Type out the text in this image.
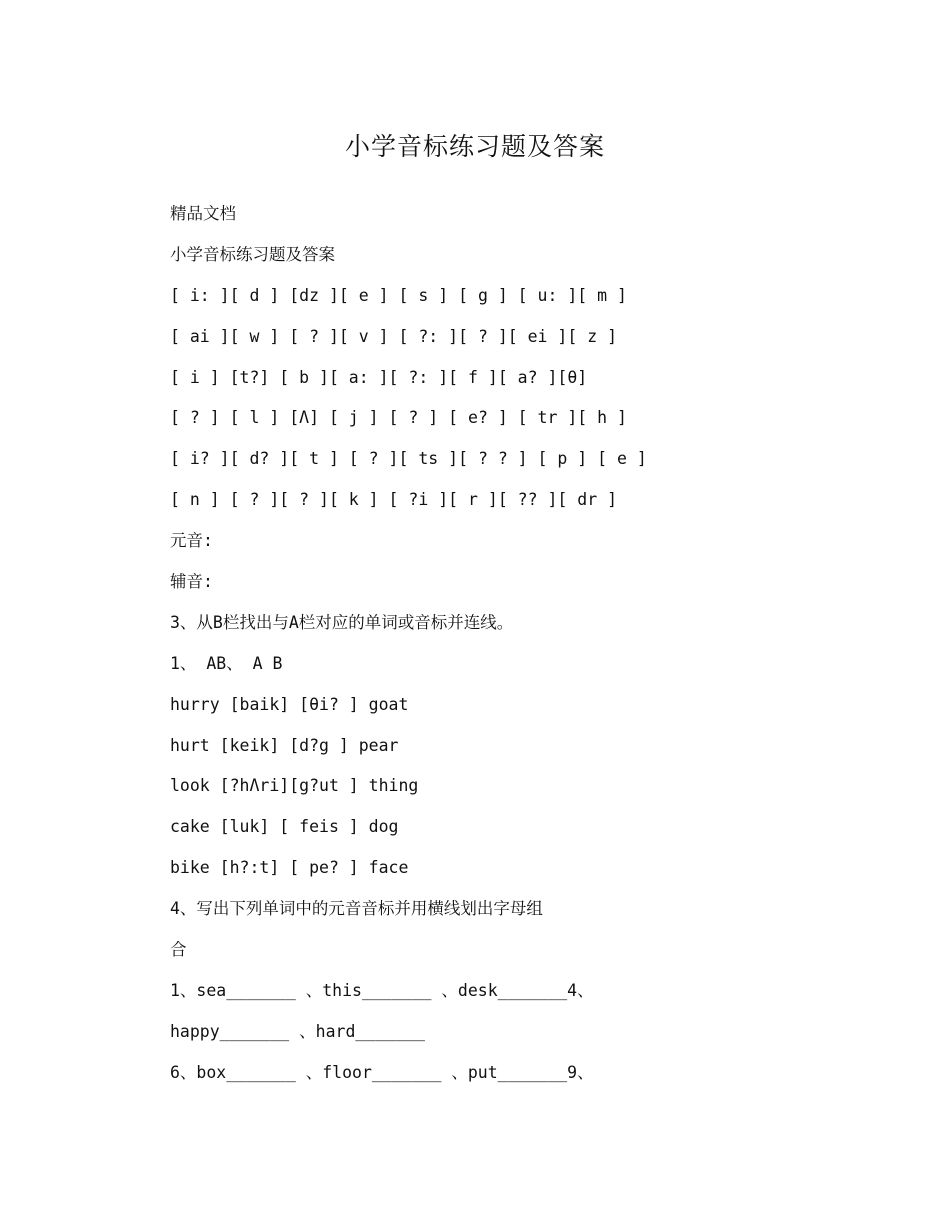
小学音标练习题及答案
精品文档
小学音标练习题及答案
[ i: ][ d ] [dz ][ e ] [ s ] [ g ] [ u: ][ m ]
[ ai ][ w ] [ ? ][ v ] [ ?: ][ ? ][ ei ][ z ]
[ i ] [t?] [ b ][ a: ][ ?: ][ f ][ a? ][θ]
[ ? ] [ l ] [Λ] [ j ] [ ? ] [ e? ] [ tr ][ h ]
[ i? ][ d? ][ t ] [ ? ][ ts ][ ? ? ] [ p ] [ e ]
[ n ] [ ? ][ ? ][ k ] [ ?i ][ r ][ ?? ][ dr ]
元音:
辅音:
3、从B栏找出与A栏对应的单词或音标并连线。
1、 AB、 A B
hurry [baik] [θi? ] goat
hurt [keik] [d?g ] pear
look [?hΛri][g?ut ] thing
cake [luk] [ feis ] dog
bike [h?:t] [ pe? ] face
4、写出下列单词中的元音音标并用横线划出字母组
合
1、sea_______ 、this_______ 、desk_______4、
happy_______ 、hard_______
6、box_______ 、floor_______ 、put_______9、
